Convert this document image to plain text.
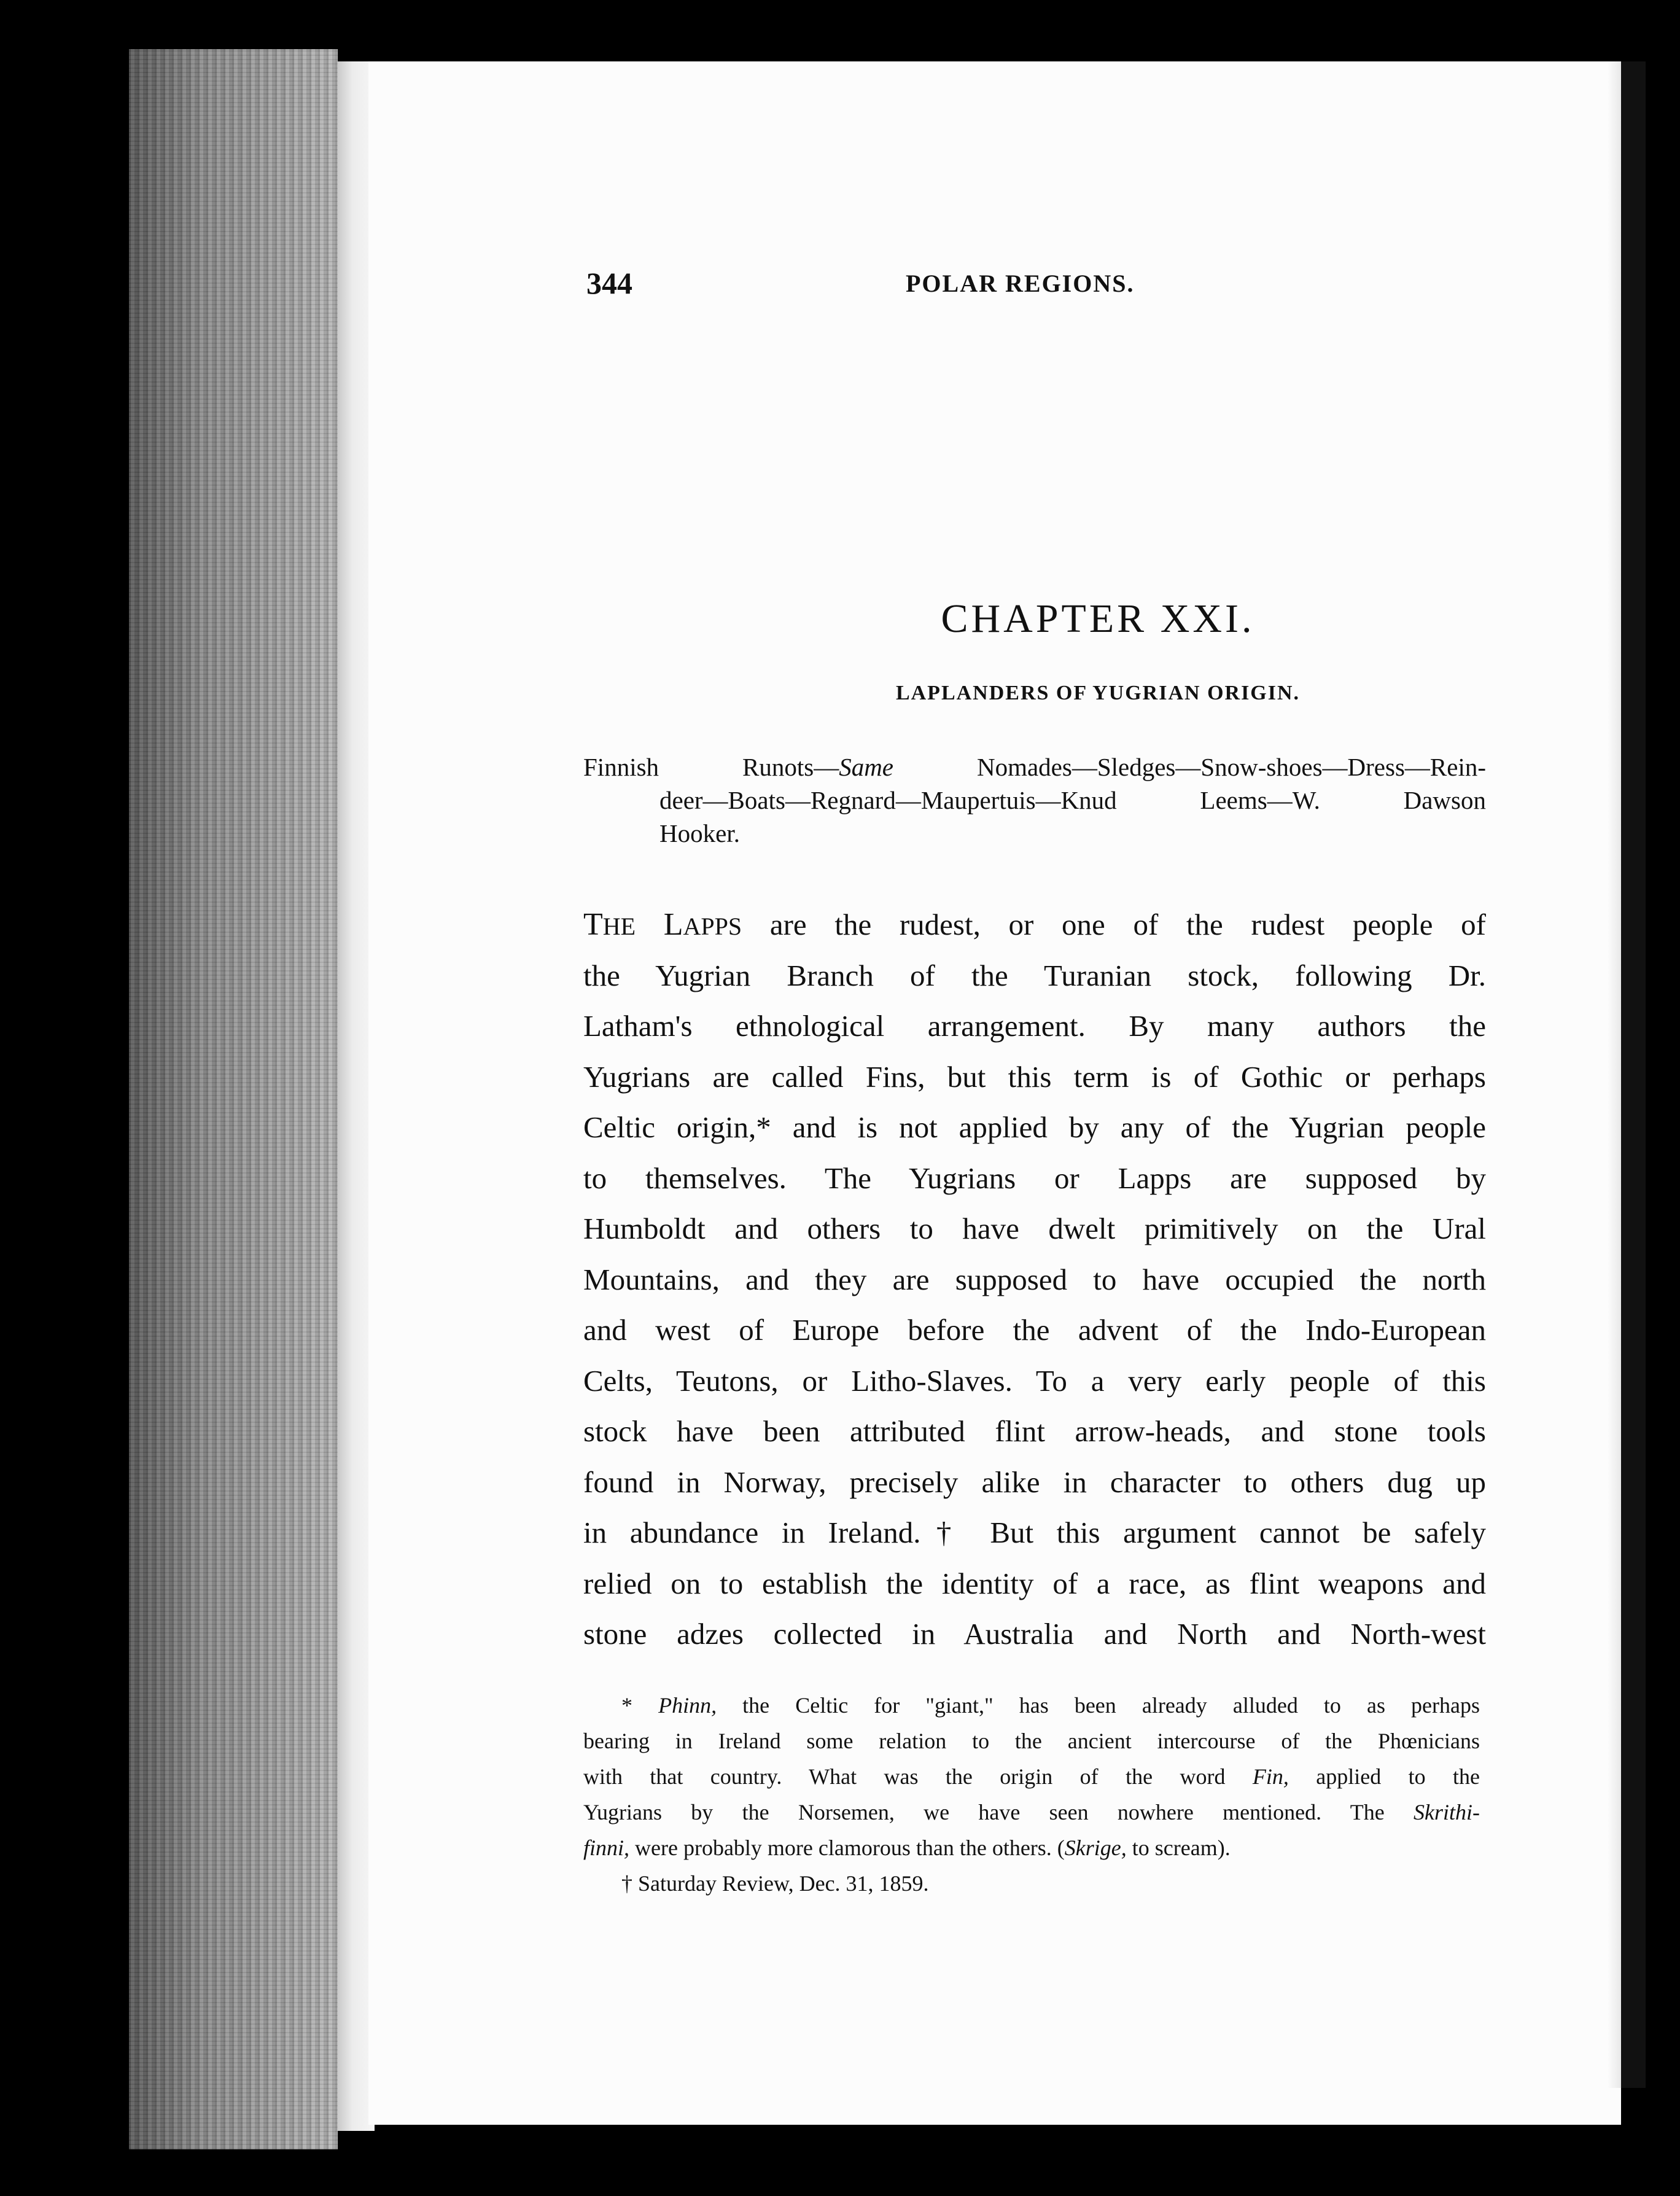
344	POLAR REGIONS.
CHAPTER XXI.
LAPLANDERS OF YUGRIAN ORIGIN.
Finnish Runots—Same Nomades—Sledges—Snow-shoes—Dress—Rein-
deer—Boats—Regnard—Maupertuis—Knud Leems—W. Dawson
Hooker.
THE LAPPS are the rudest, or one of the rudest people of
the Yugrian Branch of the Turanian stock, following Dr.
Latham's ethnological arrangement. By many authors the
Yugrians are called Fins, but this term is of Gothic or perhaps
Celtic origin,* and is not applied by any of the Yugrian people
to themselves. The Yugrians or Lapps are supposed by
Humboldt and others to have dwelt primitively on the Ural
Mountains, and they are supposed to have occupied the north
and west of Europe before the advent of the Indo-European
Celts, Teutons, or Litho-Slaves. To a very early people of this
stock have been attributed flint arrow-heads, and stone tools
found in Norway, precisely alike in character to others dug up
in abundance in Ireland.† But this argument cannot be safely
relied on to establish the identity of a race, as flint weapons and
stone adzes collected in Australia and North and North-west
* Phinn, the Celtic for "giant," has been already alluded to as perhaps
bearing in Ireland some relation to the ancient intercourse of the Phœnicians
with that country. What was the origin of the word Fin, applied to the
Yugrians by the Norsemen, we have seen nowhere mentioned. The Skrithi-
finni, were probably more clamorous than the others. (Skrige, to scream).
† Saturday Review, Dec. 31, 1859.
